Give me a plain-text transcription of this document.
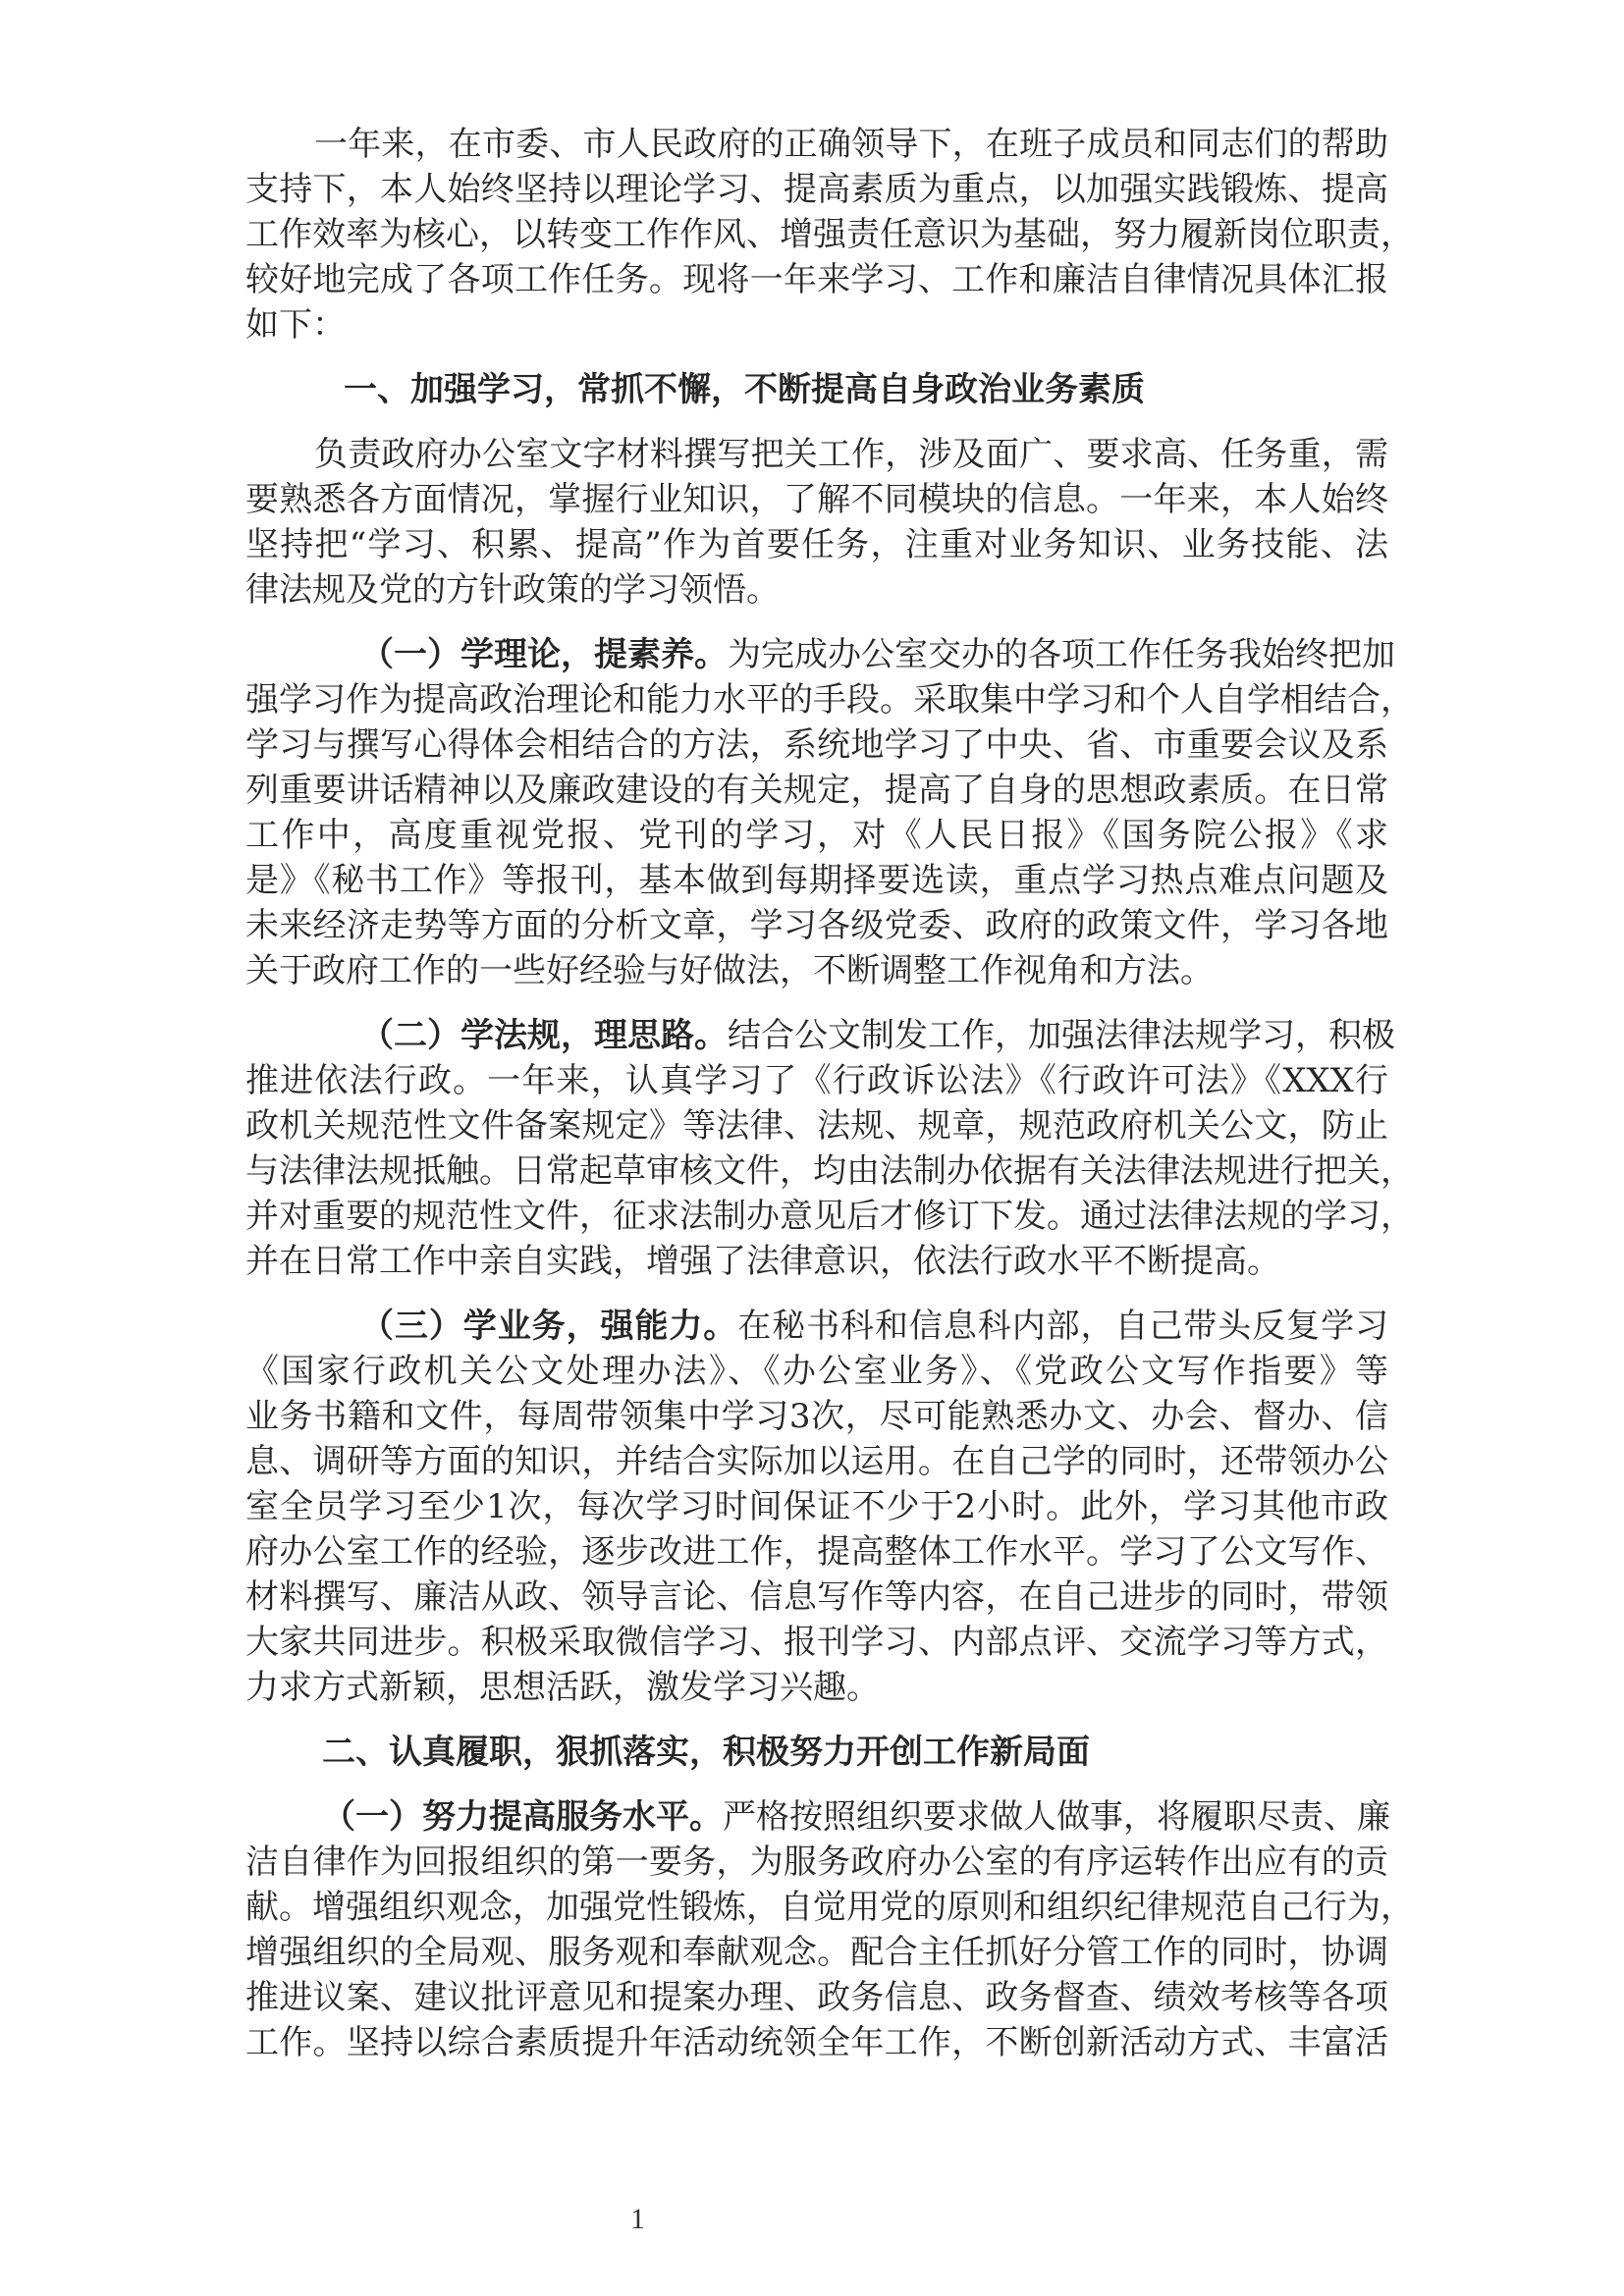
一年来，在市委、市人民政府的正确领导下，在班子成员和同志们的帮助
支持下，本人始终坚持以理论学习、提高素质为重点，以加强实践锻炼、提高
工作效率为核心，以转变工作作风、增强责任意识为基础，努力履新岗位职责，
较好地完成了各项工作任务。现将一年来学习、工作和廉洁自律情况具体汇报
如下：
一、加强学习，常抓不懈，不断提高自身政治业务素质
负责政府办公室文字材料撰写把关工作，涉及面广、要求高、任务重，需
要熟悉各方面情况，掌握行业知识，了解不同模块的信息。一年来，本人始终
坚持把“学习、积累、提高”作为首要任务，注重对业务知识、业务技能、法
律法规及党的方针政策的学习领悟。
（一）学理论，提素养。为完成办公室交办的各项工作任务我始终把加
强学习作为提高政治理论和能力水平的手段。采取集中学习和个人自学相结合，
学习与撰写心得体会相结合的方法，系统地学习了中央、省、市重要会议及系
列重要讲话精神以及廉政建设的有关规定，提高了自身的思想政素质。在日常
工作中，高度重视党报、党刊的学习，对《人民日报》《国务院公报》《求
是》《秘书工作》等报刊，基本做到每期择要选读，重点学习热点难点问题及
未来经济走势等方面的分析文章，学习各级党委、政府的政策文件，学习各地
关于政府工作的一些好经验与好做法，不断调整工作视角和方法。
（二）学法规，理思路。结合公文制发工作，加强法律法规学习，积极
推进依法行政。一年来，认真学习了《行政诉讼法》《行政许可法》《XXX行
政机关规范性文件备案规定》等法律、法规、规章，规范政府机关公文，防止
与法律法规抵触。日常起草审核文件，均由法制办依据有关法律法规进行把关，
并对重要的规范性文件，征求法制办意见后才修订下发。通过法律法规的学习，
并在日常工作中亲自实践，增强了法律意识，依法行政水平不断提高。
（三）学业务，强能力。在秘书科和信息科内部，自己带头反复学习
《国家行政机关公文处理办法》、《办公室业务》、《党政公文写作指要》等
业务书籍和文件，每周带领集中学习3次，尽可能熟悉办文、办会、督办、信
息、调研等方面的知识，并结合实际加以运用。在自己学的同时，还带领办公
室全员学习至少1次，每次学习时间保证不少于2小时。此外，学习其他市政
府办公室工作的经验，逐步改进工作，提高整体工作水平。学习了公文写作、
材料撰写、廉洁从政、领导言论、信息写作等内容，在自己进步的同时，带领
大家共同进步。积极采取微信学习、报刊学习、内部点评、交流学习等方式，
力求方式新颖，思想活跃，激发学习兴趣。
二、认真履职，狠抓落实，积极努力开创工作新局面
（一）努力提高服务水平。严格按照组织要求做人做事，将履职尽责、廉
洁自律作为回报组织的第一要务，为服务政府办公室的有序运转作出应有的贡
献。增强组织观念，加强党性锻炼，自觉用党的原则和组织纪律规范自己行为，
增强组织的全局观、服务观和奉献观念。配合主任抓好分管工作的同时，协调
推进议案、建议批评意见和提案办理、政务信息、政务督查、绩效考核等各项
工作。坚持以综合素质提升年活动统领全年工作，不断创新活动方式、丰富活
1
